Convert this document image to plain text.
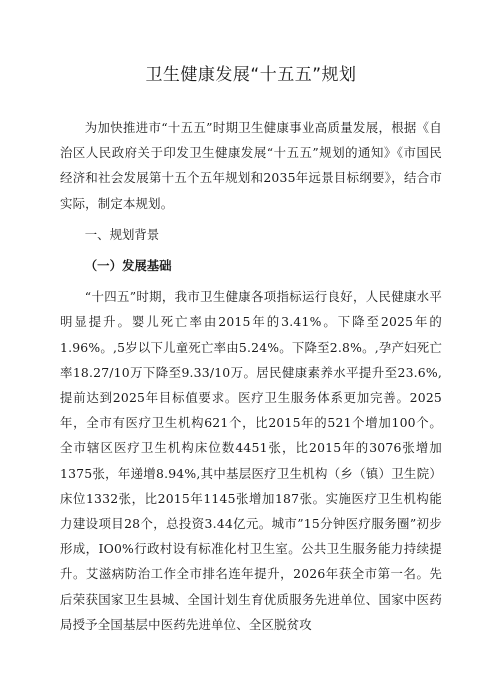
卫生健康发展“十五五”规划

为加快推进市“十五五”时期卫生健康事业高质量发展，根据《自治区人民政府关于印发卫生健康发展“十五五”规划的通知》《市国民经济和社会发展第十五个五年规划和2035年远景目标纲要》，结合市实际，制定本规划。

一、规划背景

（一）发展基础

“十四五”时期，我市卫生健康各项指标运行良好，人民健康水平明显提升。婴儿死亡率由2015年的3.41%。下降至2025年的1.96%。,5岁以下儿童死亡率由5.24%。下降至2.8%。,孕产妇死亡率18.27/10万下降至9.33/10万。居民健康素养水平提升至23.6%,提前达到2025年目标值要求。医疗卫生服务体系更加完善。2025年，全市有医疗卫生机构621个，比2015年的521个增加100个。全市辖区医疗卫生机构床位数4451张，比2015年的3076张增加1375张，年递增8.94%,其中基层医疗卫生机构（乡（镇）卫生院）床位1332张，比2015年1145张增加187张。实施医疗卫生机构能力建设项目28个，总投资3.44亿元。城市”15分钟医疗服务圈”初步形成，IO0%行政村设有标准化村卫生室。公共卫生服务能力持续提升。艾滋病防治工作全市排名连年提升，2026年获全市第一名。先后荣获国家卫生县城、全国计划生育优质服务先进单位、国家中医药局授予全国基层中医药先进单位、全区脱贫攻
